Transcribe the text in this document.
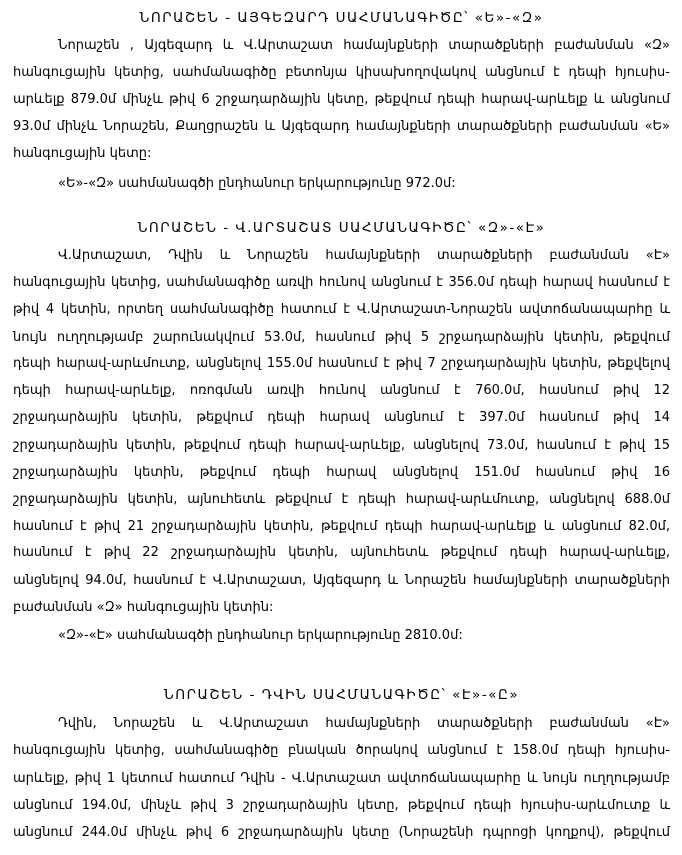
ՆՈՐԱՇԵՆ - ԱՅԳԵԶԱՐԴ ՍԱՀՄԱՆԱԳԻԾԸ՝ «Ե»-«Զ»
Նորաշեն , Այգեզարդ և Վ.Արտաշատ համայնքների տարածքների բաժանման «Զ»
հանգուցային կետից, սահմանագիծը բետոնյա կիսախողովակով անցնում է դեպի հյուսիս-
արևելք 879.0մ մինչև թիվ 6 շրջադարձային կետը, թեքվում դեպի հարավ-արևելք և անցնում
93.0մ մինչև Նորաշեն, Քաղցրաշեն և Այգեզարդ համայնքների տարածքների բաժանման «Ե»
հանգուցային կետը:
«Ե»-«Զ» սահմանագծի ընդհանուր երկարությունը 972.0մ:
ՆՈՐԱՇԵՆ - Վ.ԱՐՏԱՇԱՏ ՍԱՀՄԱՆԱԳԻԾԸ՝ «Զ»-«Է»
Վ.Արտաշատ, Դվին և Նորաշեն համայնքների տարածքների բաժանման «Է»
հանգուցային կետից, սահմանագիծը առվի հունով անցնում է 356.0մ դեպի հարավ հասնում է
թիվ 4 կետին, որտեղ սահմանագիծը հատում է Վ.Արտաշատ-Նորաշեն ավտոճանապարհը և
նույն ուղղությամբ շարունակվում 53.0մ, հասնում թիվ 5 շրջադարձային կետին, թեքվում
դեպի հարավ-արևմուտք, անցնելով 155.0մ հասնում է թիվ 7 շրջադարձային կետին, թեքվելով
դեպի հարավ-արևելք, ոռոգման առվի հունով անցնում է 760.0մ, հասնում թիվ 12
շրջադարձային կետին, թեքվում դեպի հարավ անցնում է 397.0մ հասնում թիվ 14
շրջադարձային կետին, թեքվում դեպի հարավ-արևելք, անցնելով 73.0մ, հասնում է թիվ 15
շրջադարձային կետին, թեքվում դեպի հարավ անցնելով 151.0մ հասնում թիվ 16
շրջադարձային կետին, այնուհետև թեքվում է դեպի հարավ-արևմուտք, անցնելով 688.0մ
հասնում է թիվ 21 շրջադարձային կետին, թեքվում դեպի հարավ-արևելք և անցնում 82.0մ,
հասնում է թիվ 22 շրջադարձային կետին, այնուհետև թեքվում դեպի հարավ-արևելք,
անցնելով 94.0մ, հասնում է Վ.Արտաշատ, Այգեզարդ և Նորաշեն համայնքների տարածքների
բաժանման «Զ» հանգուցային կետին:
«Զ»-«Է» սահմանագծի ընդհանուր երկարությունը 2810.0մ:
ՆՈՐԱՇԵՆ - ԴՎԻՆ ՍԱՀՄԱՆԱԳԻԾԸ՝ «Է»-«Ը»
Դվին, Նորաշեն և Վ.Արտաշատ համայնքների տարածքների բաժանման «Է»
հանգուցային կետից, սահմանագիծը բնական ծորակով անցնում է 158.0մ դեպի հյուսիս-
արևելք, թիվ 1 կետում հատում Դվին - Վ.Արտաշատ ավտոճանապարհը և նույն ուղղությամբ
անցնում 194.0մ, մինչև թիվ 3 շրջադարձային կետը, թեքվում դեպի հյուսիս-արևմուտք և
անցնում 244.0մ մինչև թիվ 6 շրջադարձային կետը (Նորաշենի դպրոցի կողքով), թեքվում
